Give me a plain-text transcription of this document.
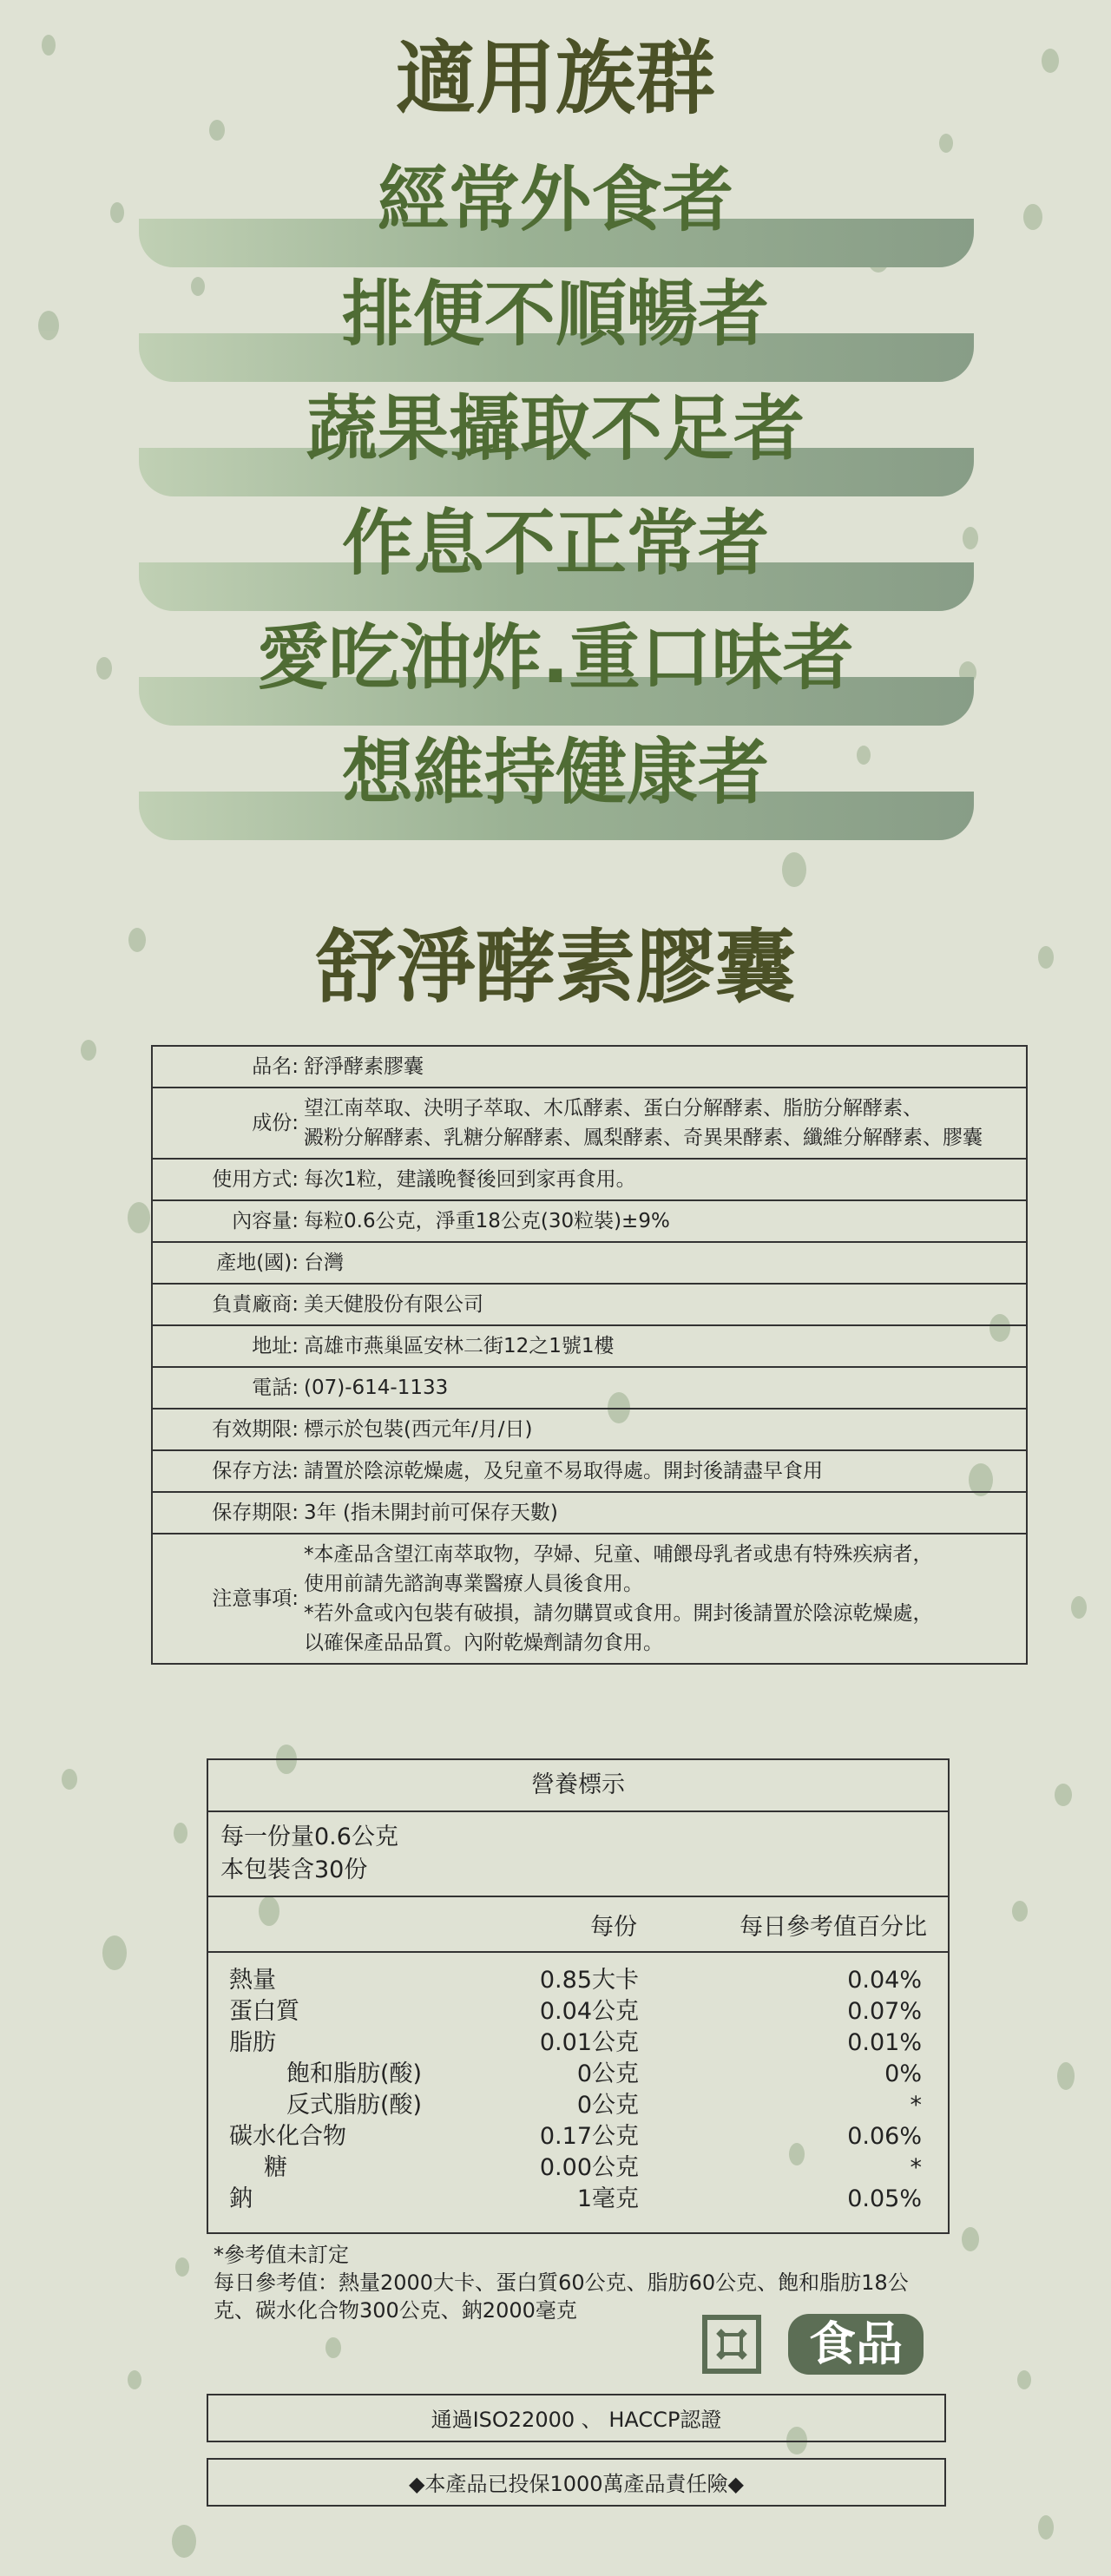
適用族群
經常外食者
排便不順暢者
蔬果攝取不足者
作息不正常者
愛吃油炸.重口味者
想維持健康者
舒淨酵素膠囊
品名:	舒淨酵素膠囊
成份:	望江南萃取、決明子萃取、木瓜酵素、蛋白分解酵素、脂肪分解酵素、
澱粉分解酵素、乳糖分解酵素、鳳梨酵素、奇異果酵素、纖維分解酵素、膠囊

使用方式:	每次1粒，建議晚餐後回到家再食用。
內容量:	每粒0.6公克，淨重18公克(30粒裝)±9%
產地(國):	台灣
負責廠商:	美天健股份有限公司
地址:	高雄市燕巢區安林二街12之1號1樓
電話:	(07)-614-1133
有效期限:	標示於包裝(西元年/月/日)
保存方法:	請置於陰涼乾燥處，及兒童不易取得處。開封後請盡早食用
保存期限:	3年 (指未開封前可保存天數)
注意事項:	*本產品含望江南萃取物，孕婦、兒童、哺餵母乳者或患有特殊疾病者，
使用前請先諮詢專業醫療人員後食用。
*若外盒或內包裝有破損，請勿購買或食用。開封後請置於陰涼乾燥處，
以確保產品品質。內附乾燥劑請勿食用。
營養標示
每一份量0.6公克
本包裝含30份
每份	每日參考值百分比
熱量	0.85大卡	0.04%
蛋白質	0.04公克	0.07%
脂肪	0.01公克	0.01%
飽和脂肪(酸)	0公克	0%
反式脂肪(酸)	0公克	*
碳水化合物	0.17公克	0.06%
糖	0.00公克	*
鈉	1毫克	0.05%
*參考值未訂定
每日參考值：熱量2000大卡、蛋白質60公克、脂肪60公克、飽和脂肪18公
克、碳水化合物300公克、鈉2000毫克
食品
通過ISO22000 、 HACCP認證
◆本產品已投保1000萬產品責任險◆
